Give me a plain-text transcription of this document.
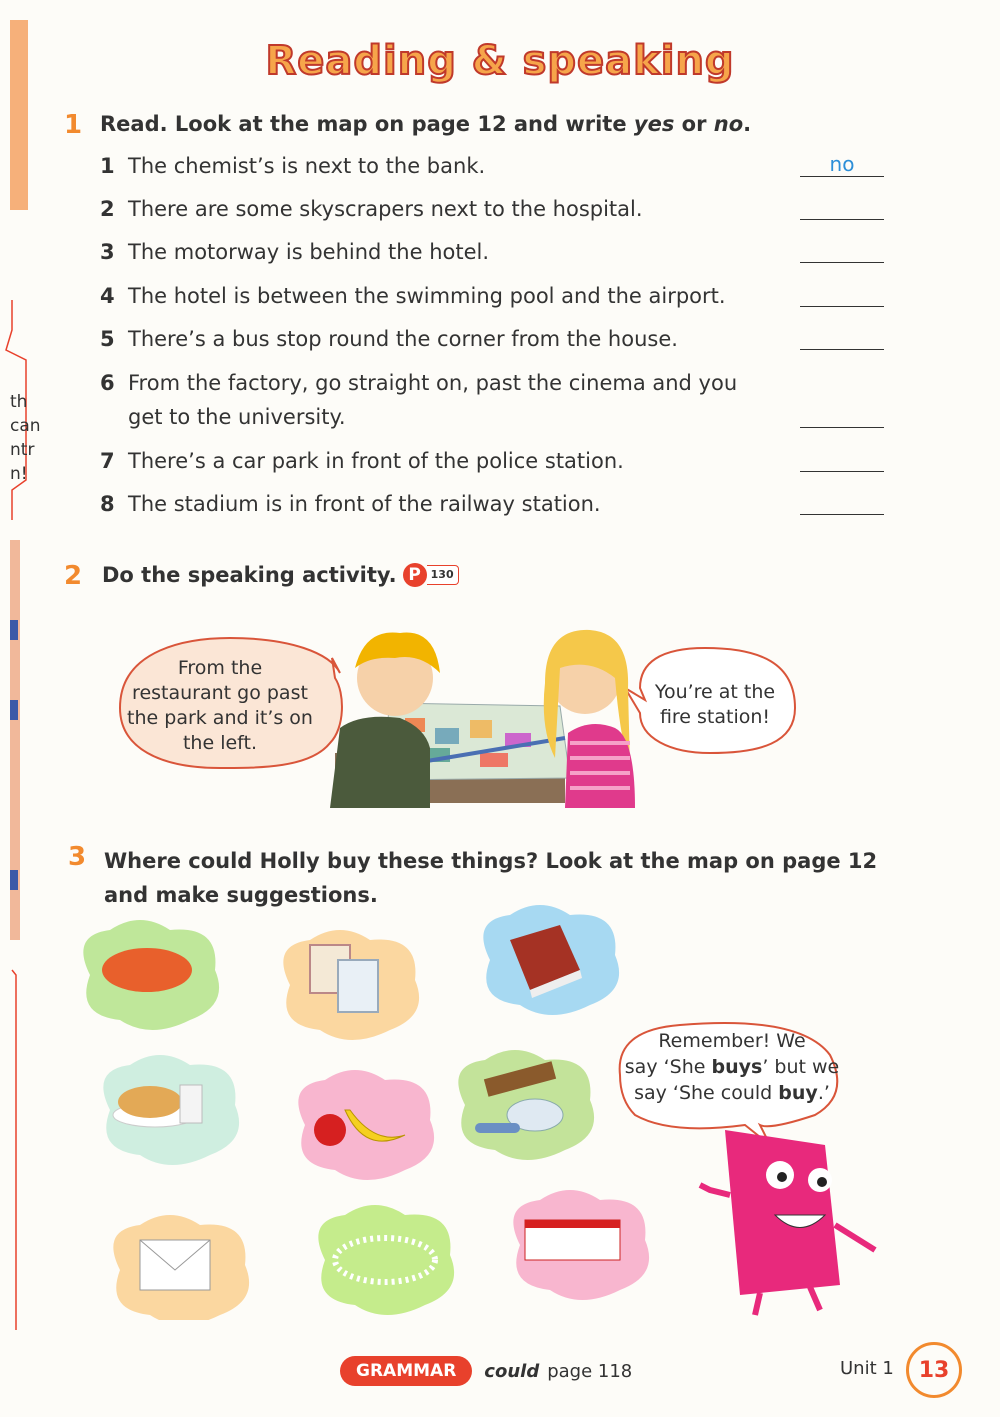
th
can
ntr
n!
Reading & speaking
1 Read. Look at the map on page 12 and write yes or no.
1 The chemist’s is next to the bank.	no
2 There are some skyscrapers next to the hospital.
3 The motorway is behind the hotel.
4 The hotel is between the swimming pool and the airport.
5 There’s a bus stop round the corner from the house.
6 From the factory, go straight on, past the cinema and you
get to the university.
7 There’s a car park in front of the police station.
8 The stadium is in front of the railway station.
2 Do the speaking activity. P 130
From the
restaurant go past
the park and it’s on
the left.
You’re at the
fire station!
3 Where could Holly buy these things? Look at the map on page 12
and make suggestions.
Remember! We
say ‘She buys’ but we
say ‘She could buy.’
GRAMMAR	could page 118	Unit 1	13
